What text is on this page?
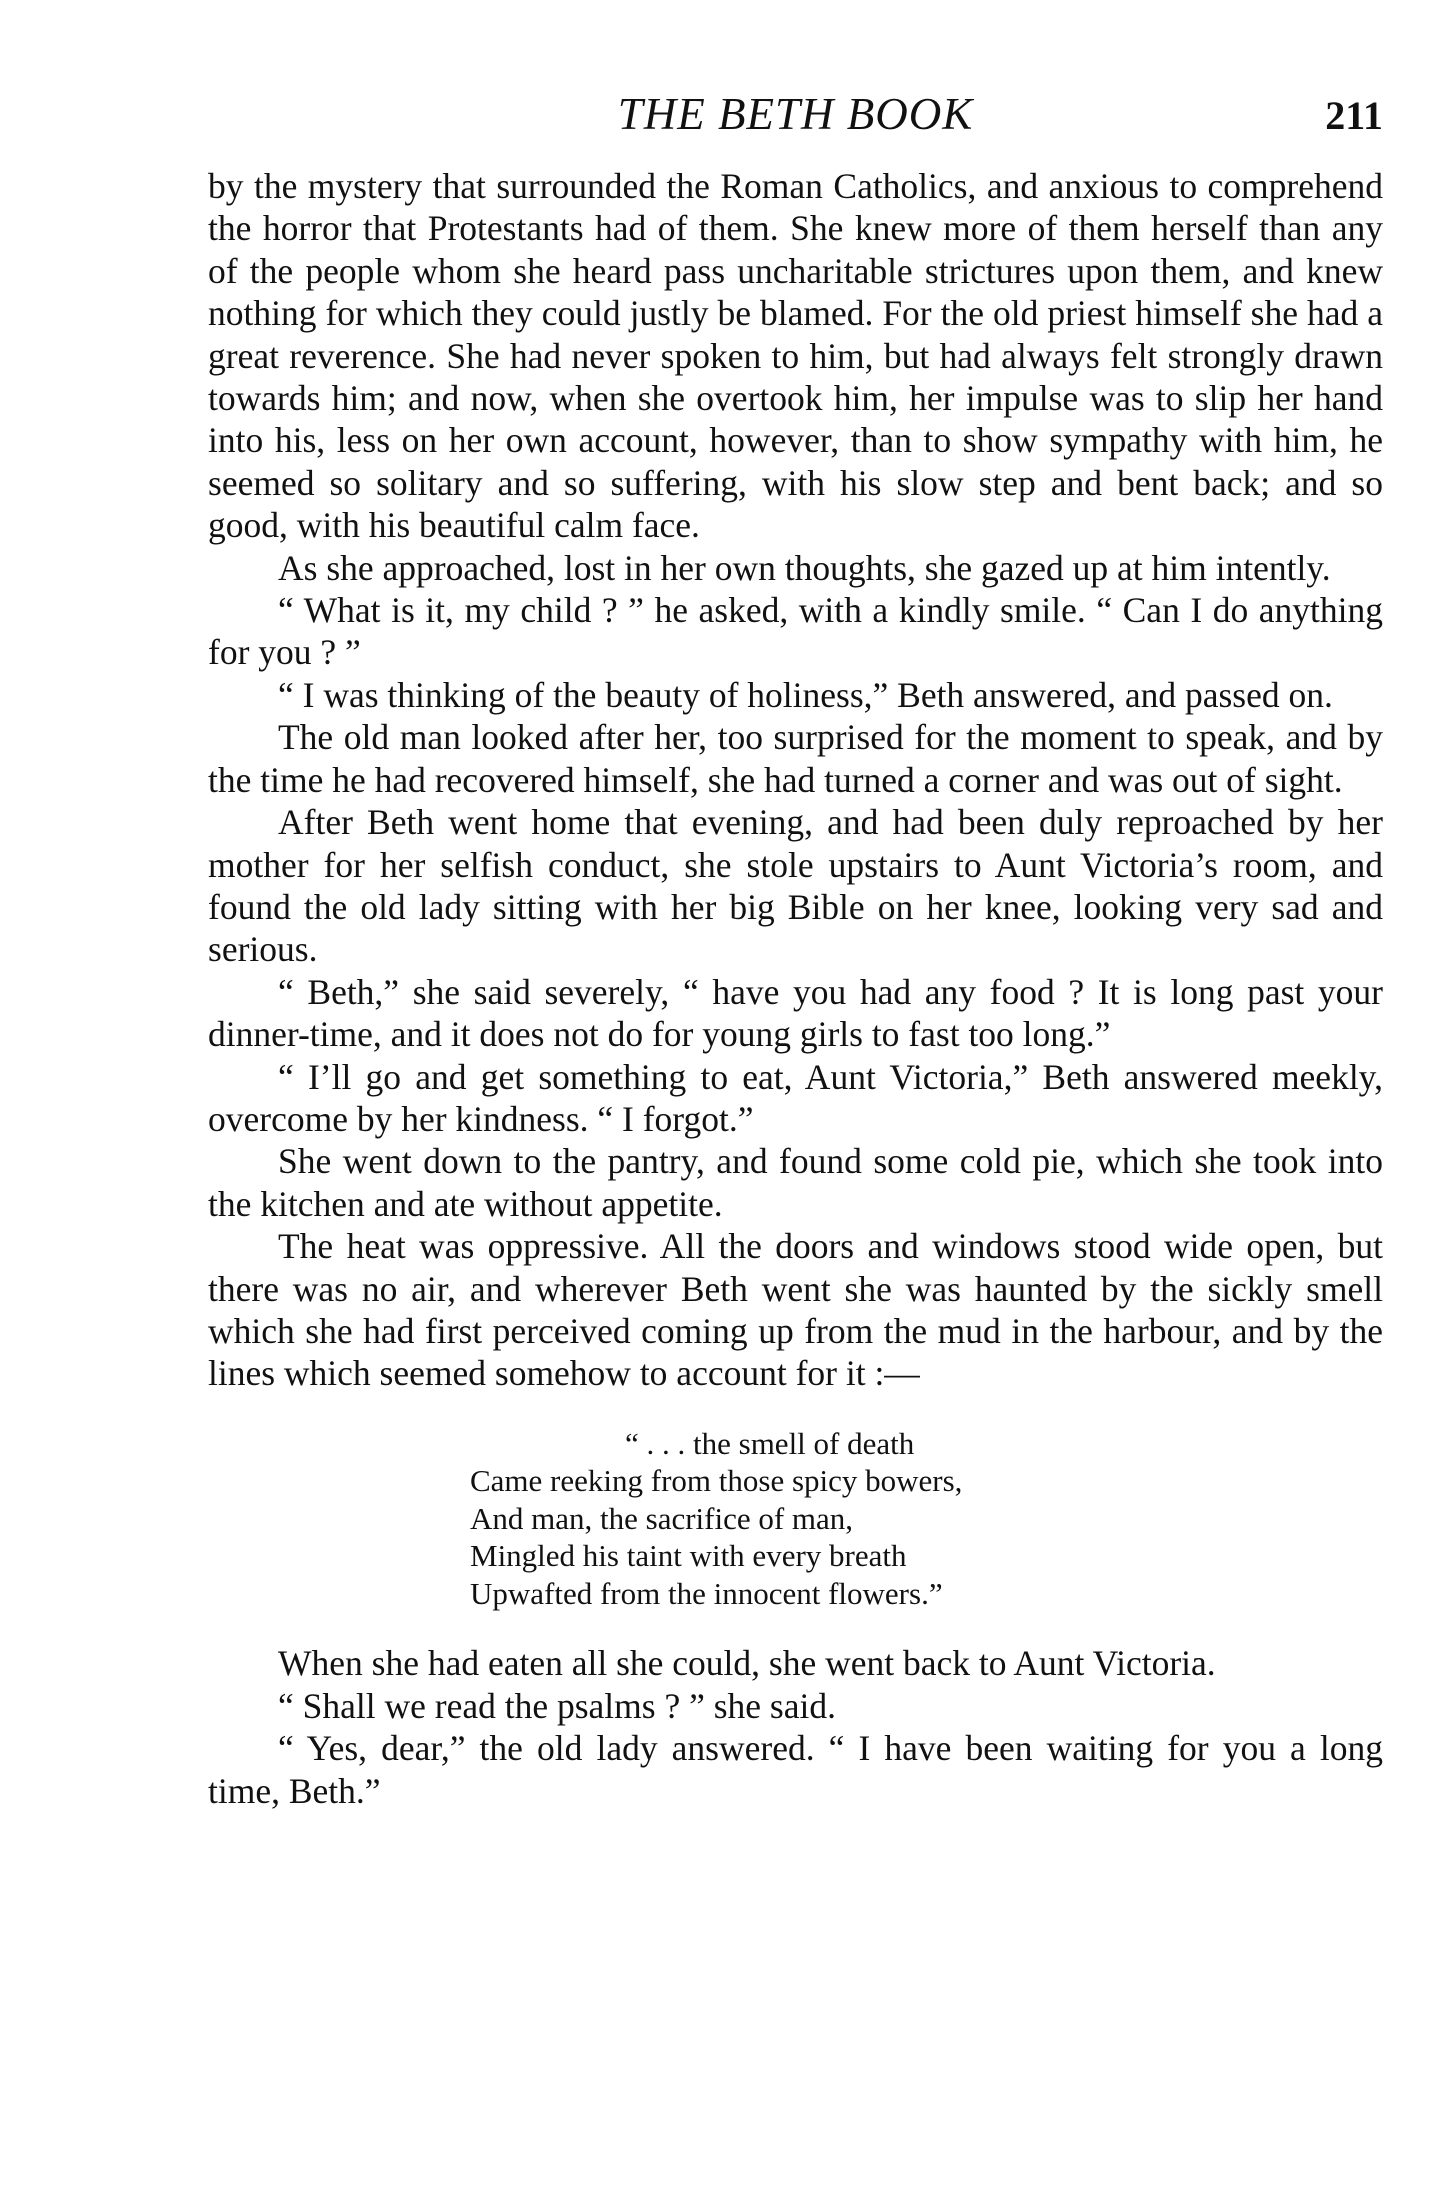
THE BETH BOOK	211

by the mystery that surrounded the Roman Catholics, and anxious to comprehend the horror that Protestants had of them. She knew more of them herself than any of the people whom she heard pass uncharitable strictures upon them, and knew nothing for which they could justly be blamed. For the old priest himself she had a great reverence. She had never spoken to him, but had always felt strongly drawn towards him; and now, when she overtook him, her impulse was to slip her hand into his, less on her own account, however, than to show sympathy with him, he seemed so solitary and so suffering, with his slow step and bent back; and so good, with his beautiful calm face.

As she approached, lost in her own thoughts, she gazed up at him intently.

“ What is it, my child ? ” he asked, with a kindly smile. “ Can I do anything for you ? ”

“ I was thinking of the beauty of holiness,” Beth answered, and passed on.

The old man looked after her, too surprised for the moment to speak, and by the time he had recovered himself, she had turned a corner and was out of sight.

After Beth went home that evening, and had been duly reproached by her mother for her selfish conduct, she stole upstairs to Aunt Victoria’s room, and found the old lady sitting with her big Bible on her knee, looking very sad and serious.

“ Beth,” she said severely, “ have you had any food ? It is long past your dinner-time, and it does not do for young girls to fast too long.”

“ I’ll go and get something to eat, Aunt Victoria,” Beth answered meekly, overcome by her kindness. “ I forgot.”

She went down to the pantry, and found some cold pie, which she took into the kitchen and ate without appetite.

The heat was oppressive. All the doors and windows stood wide open, but there was no air, and wherever Beth went she was haunted by the sickly smell which she had first perceived coming up from the mud in the harbour, and by the lines which seemed somehow to account for it :—

“ . . . the smell of death
Came reeking from those spicy bowers,
And man, the sacrifice of man,
Mingled his taint with every breath
Upwafted from the innocent flowers.”

When she had eaten all she could, she went back to Aunt Victoria.

“ Shall we read the psalms ? ” she said.

“ Yes, dear,” the old lady answered. “ I have been waiting for you a long time, Beth.”
